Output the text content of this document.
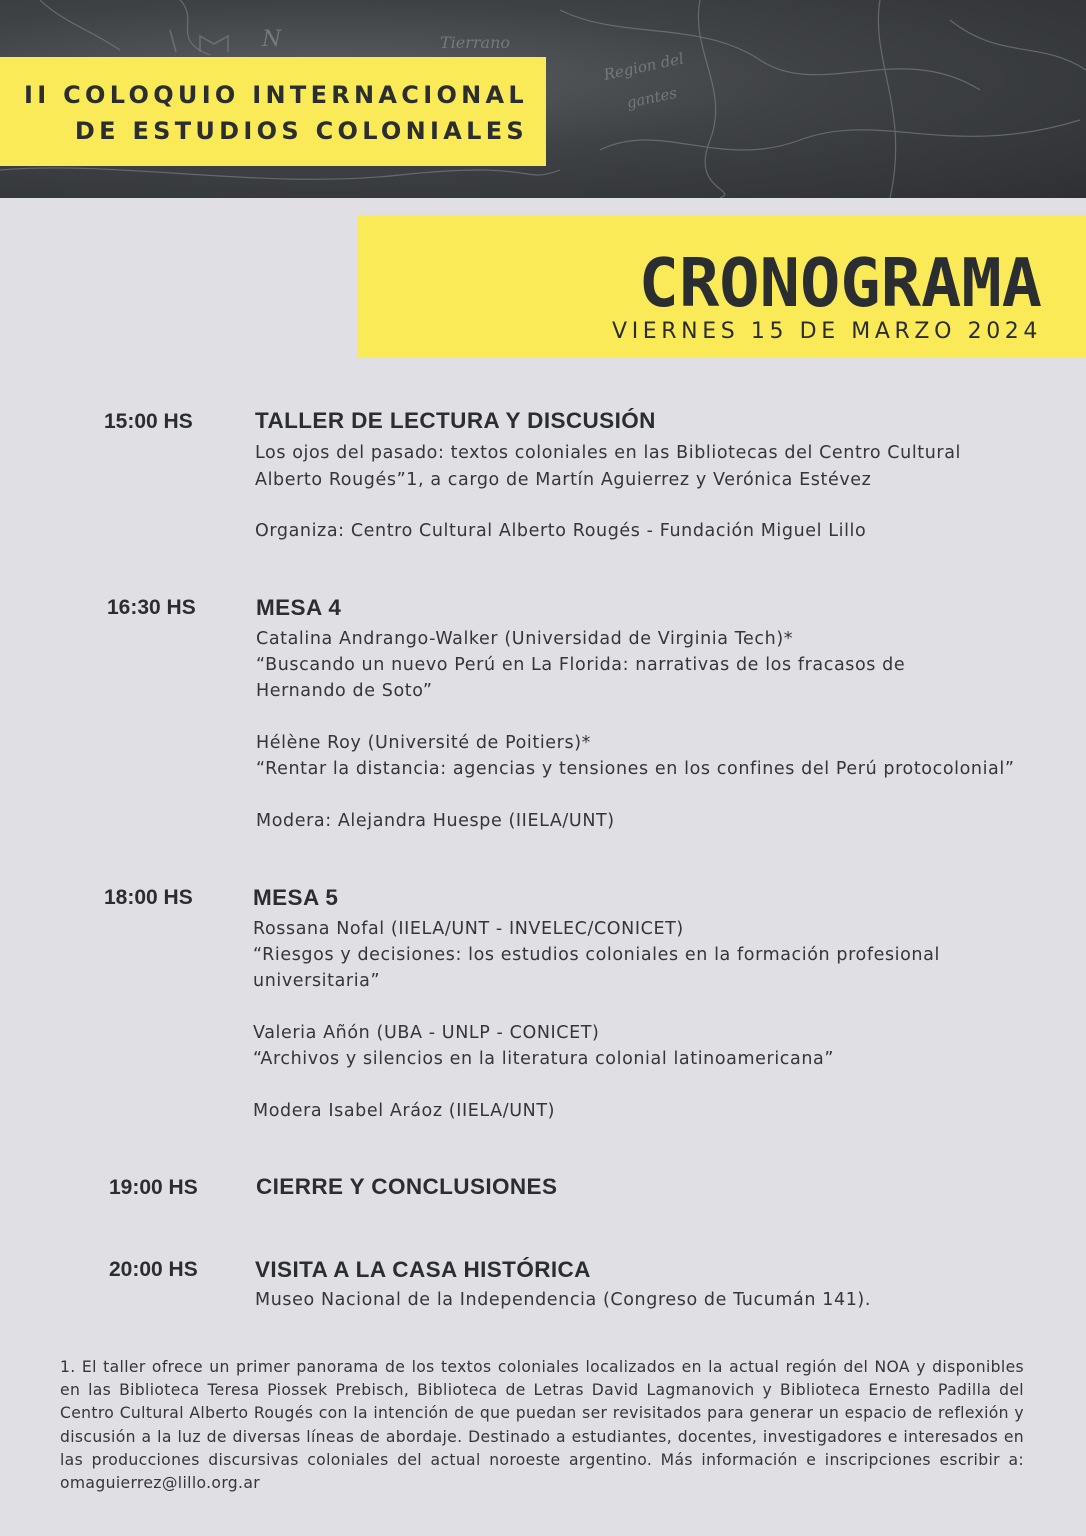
Tierrano
Region del
gantes
N
II COLOQUIO INTERNACIONAL
DE ESTUDIOS COLONIALES
CRONOGRAMA
VIERNES 15 DE MARZO 2024
15:00 HS	TALLER DE LECTURA Y DISCUSIÓN
Los ojos del pasado: textos coloniales en las Bibliotecas del Centro Cultural
Alberto Rougés”1, a cargo de Martín Aguierrez y Verónica Estévez
Organiza: Centro Cultural Alberto Rougés - Fundación Miguel Lillo
16:30 HS	MESA 4
Catalina Andrango-Walker (Universidad de Virginia Tech)*
“Buscando un nuevo Perú en La Florida: narrativas de los fracasos de
Hernando de Soto”
Hélène Roy (Université de Poitiers)*
“Rentar la distancia: agencias y tensiones en los confines del Perú protocolonial”
Modera: Alejandra Huespe (IIELA/UNT)
18:00 HS	MESA 5
Rossana Nofal (IIELA/UNT - INVELEC/CONICET)
“Riesgos y decisiones: los estudios coloniales en la formación profesional
universitaria”
Valeria Añón (UBA - UNLP - CONICET)
“Archivos y silencios en la literatura colonial latinoamericana”
Modera Isabel Aráoz (IIELA/UNT)
19:00 HS	CIERRE Y CONCLUSIONES
20:00 HS	VISITA A LA CASA HISTÓRICA
Museo Nacional de la Independencia (Congreso de Tucumán 141).
1. El taller ofrece un primer panorama de los textos coloniales localizados en la actual región del NOA y disponibles en las Biblioteca Teresa Piossek Prebisch, Biblioteca de Letras David Lagmanovich y Biblioteca Ernesto Padilla del Centro Cultural Alberto Rougés con la intención de que puedan ser revisitados para generar un espacio de reflexión y discusión a la luz de diversas líneas de abordaje. Destinado a estudiantes, docentes, investigadores e interesados en las producciones discursivas coloniales del actual noroeste argentino. Más información e inscripciones escribir a: omaguierrez@lillo.org.ar
